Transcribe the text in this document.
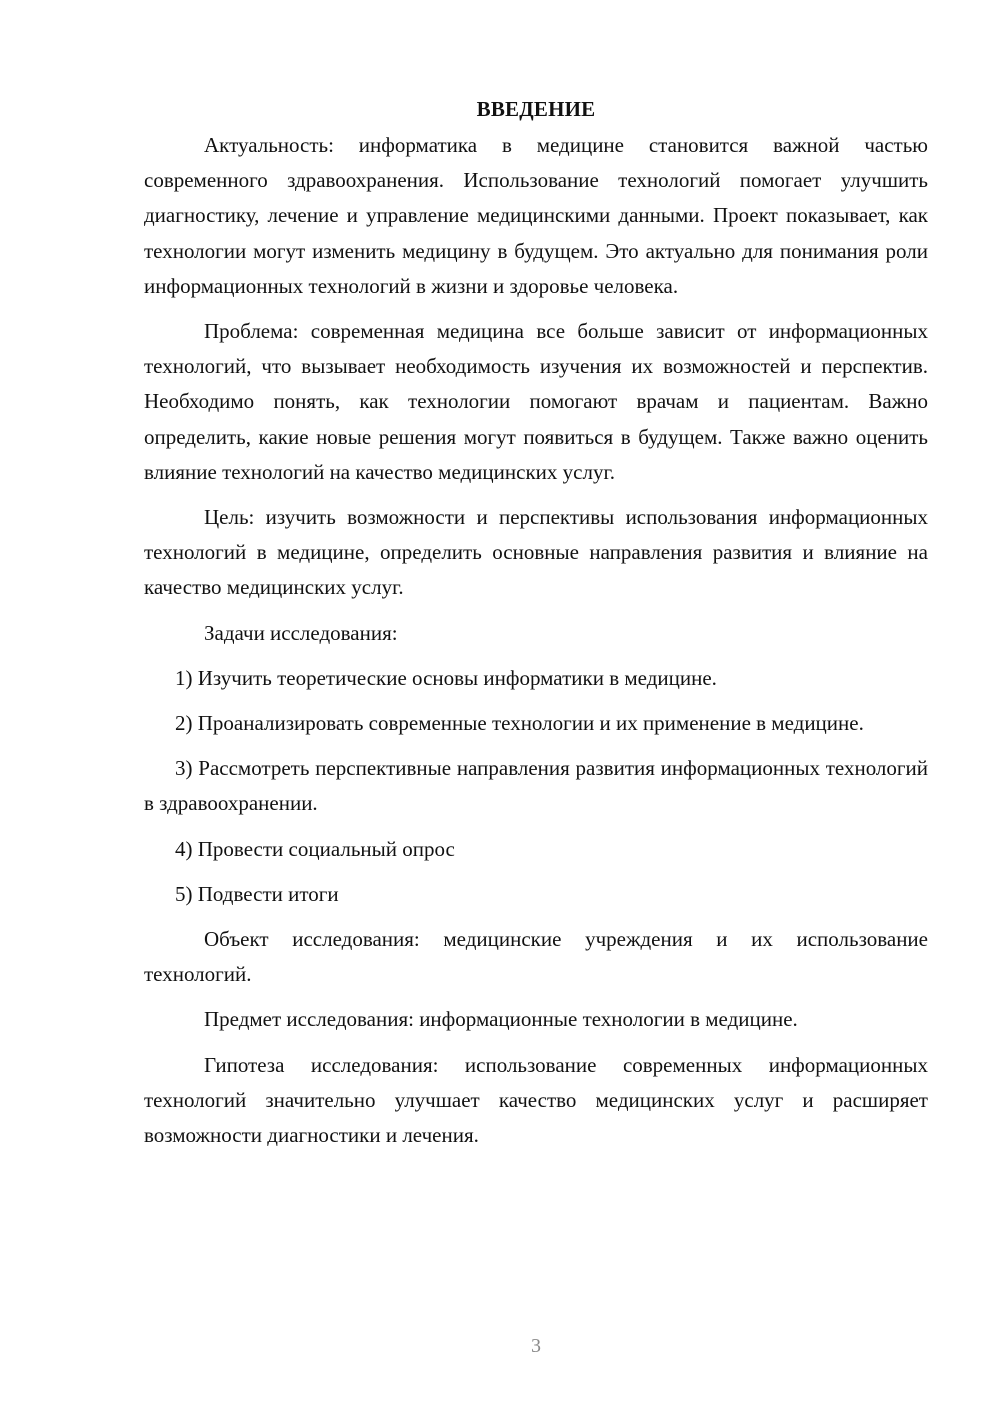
ВВЕДЕНИЕ

Актуальность: информатика в медицине становится важной частью современного здравоохранения. Использование технологий помогает улучшить диагностику, лечение и управление медицинскими данными. Проект показывает, как технологии могут изменить медицину в будущем. Это актуально для понимания роли информационных технологий в жизни и здоровье человека.

Проблема: современная медицина все больше зависит от информационных технологий, что вызывает необходимость изучения их возможностей и перспектив. Необходимо понять, как технологии помогают врачам и пациентам. Важно определить, какие новые решения могут появиться в будущем. Также важно оценить влияние технологий на качество медицинских услуг.

Цель: изучить возможности и перспективы использования информационных технологий в медицине, определить основные направления развития и влияние на качество медицинских услуг.

Задачи исследования:

1) Изучить теоретические основы информатики в медицине.

2) Проанализировать современные технологии и их применение в медицине.

3) Рассмотреть перспективные направления развития информационных технологий в здравоохранении.

4) Провести социальный опрос

5) Подвести итоги

Объект исследования: медицинские учреждения и их использование технологий.

Предмет исследования: информационные технологии в медицине.

Гипотеза исследования: использование современных информационных технологий значительно улучшает качество медицинских услуг и расширяет возможности диагностики и лечения.

3
